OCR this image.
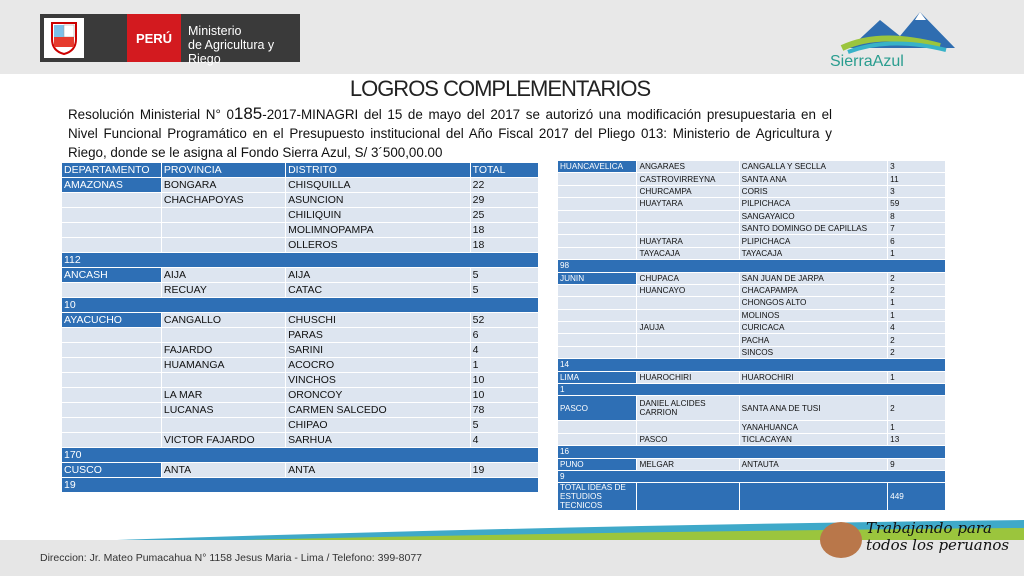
PERÚ	Ministerio
de Agricultura y Riego	SierraAzul
LOGROS COMPLEMENTARIOS
Resolución Ministerial N° 0185-2017-MINAGRI del 15 de mayo del 2017 se autorizó una modificación presupuestaria en el Nivel Funcional Programático en el Presupuesto institucional del Año Fiscal 2017 del Pliego 013: Ministerio de Agricultura y Riego, donde se le asigna al Fondo Sierra Azul, S/ 3´500,00.00
DEPARTAMENTO	PROVINCIA	DISTRITO	TOTAL
AMAZONAS	BONGARA	CHISQUILLA	22
	CHACHAPOYAS	ASUNCION	29
		CHILIQUIN	25
		MOLIMNOPAMPA	18
		OLLEROS	18
112			
ANCASH	AIJA	AIJA	5
	RECUAY	CATAC	5
10			
AYACUCHO	CANGALLO	CHUSCHI	52
		PARAS	6
	FAJARDO	SARINI	4
	HUAMANGA	ACOCRO	1
		VINCHOS	10
	LA MAR	ORONCOY	10
	LUCANAS	CARMEN SALCEDO	78
		CHIPAO	5
	VICTOR FAJARDO	SARHUA	4
170			
CUSCO	ANTA	ANTA	19
19			
HUANCAVELICA	ANGARAES	CANGALLA Y SECLLA	3
	CASTROVIRREYNA	SANTA ANA	11
	CHURCAMPA	CORIS	3
	HUAYTARA	PILPICHACA	59
		SANGAYAICO	8
		SANTO DOMINGO DE CAPILLAS	7
	HUAYTARA	PLIPICHACA	6
	TAYACAJA	TAYACAJA	1
98			
JUNIN	CHUPACA	SAN JUAN DE JARPA	2
	HUANCAYO	CHACAPAMPA	2
		CHONGOS ALTO	1
		MOLINOS	1
	JAUJA	CURICACA	4
		PACHA	2
		SINCOS	2
14			
LIMA	HUAROCHIRI	HUAROCHIRI	1
1			
PASCO	DANIEL ALCIDES CARRION	SANTA ANA DE TUSI	2
		YANAHUANCA	1
	PASCO	TICLACAYAN	13
16			
PUNO	MELGAR	ANTAUTA	9
9			
TOTAL IDEAS DE ESTUDIOS TECNICOS			449
Direccion: Jr. Mateo Pumacahua N° 1158 Jesus Maria - Lima / Telefono: 399-8077
Trabajando para
todos los peruanos
